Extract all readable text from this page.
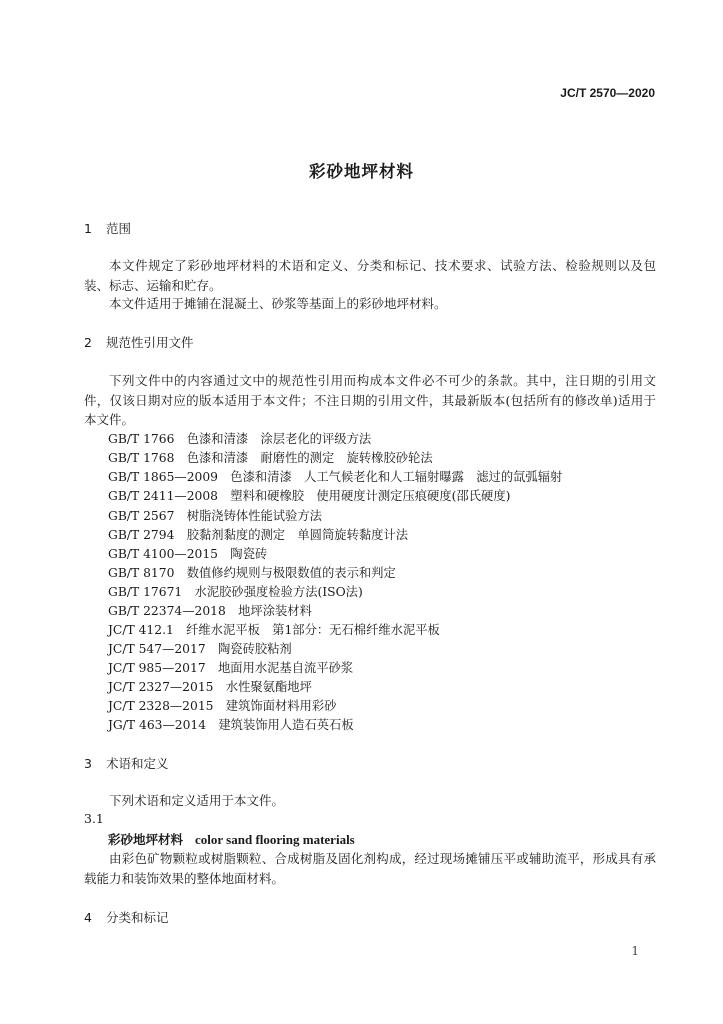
JC/T 2570—2020
彩砂地坪材料
1 范围
本文件规定了彩砂地坪材料的术语和定义、分类和标记、技术要求、试验方法、检验规则以及包装、标志、运输和贮存。
本文件适用于摊铺在混凝土、砂浆等基面上的彩砂地坪材料。
2 规范性引用文件
下列文件中的内容通过文中的规范性引用而构成本文件必不可少的条款。其中，注日期的引用文件，仅该日期对应的版本适用于本文件；不注日期的引用文件，其最新版本(包括所有的修改单)适用于本文件。
GB/T 1766　色漆和清漆　涂层老化的评级方法
GB/T 1768　色漆和清漆　耐磨性的测定　旋转橡胶砂轮法
GB/T 1865—2009　色漆和清漆　人工气候老化和人工辐射曝露　滤过的氙弧辐射
GB/T 2411—2008　塑料和硬橡胶　使用硬度计测定压痕硬度(邵氏硬度)
GB/T 2567　树脂浇铸体性能试验方法
GB/T 2794　胶黏剂黏度的测定　单圆筒旋转黏度计法
GB/T 4100—2015　陶瓷砖
GB/T 8170　数值修约规则与极限数值的表示和判定
GB/T 17671　水泥胶砂强度检验方法(ISO法)
GB/T 22374—2018　地坪涂装材料
JC/T 412.1　纤维水泥平板　第1部分：无石棉纤维水泥平板
JC/T 547—2017　陶瓷砖胶粘剂
JC/T 985—2017　地面用水泥基自流平砂浆
JC/T 2327—2015　水性聚氨酯地坪
JC/T 2328—2015　建筑饰面材料用彩砂
JG/T 463—2014　建筑装饰用人造石英石板
3 术语和定义
下列术语和定义适用于本文件。
3.1
彩砂地坪材料 color sand flooring materials
由彩色矿物颗粒或树脂颗粒、合成树脂及固化剂构成，经过现场摊铺压平或辅助流平，形成具有承载能力和装饰效果的整体地面材料。
4 分类和标记
1
